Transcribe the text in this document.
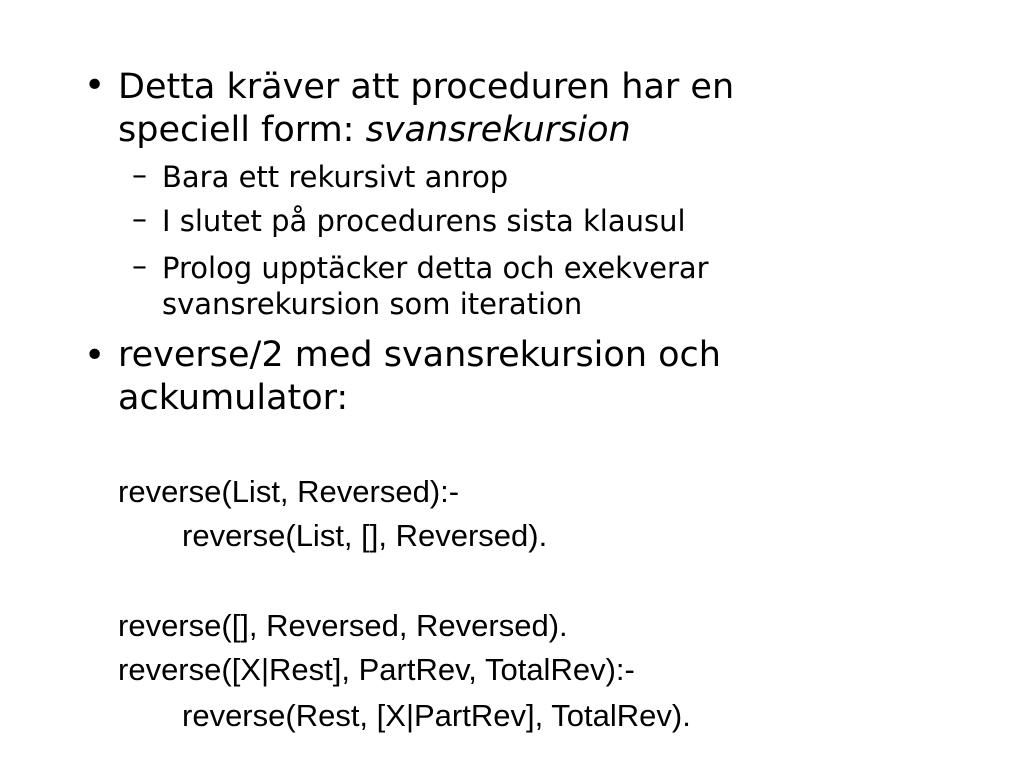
• Detta kräver att proceduren har en
speciell form: svansrekursion
– Bara ett rekursivt anrop
– I slutet på procedurens sista klausul
– Prolog upptäcker detta och exekverar
svansrekursion som iteration
• reverse/2 med svansrekursion och
ackumulator:
reverse(List, Reversed):-
reverse(List, [], Reversed).
reverse([], Reversed, Reversed).
reverse([X|Rest], PartRev, TotalRev):-
reverse(Rest, [X|PartRev], TotalRev).
